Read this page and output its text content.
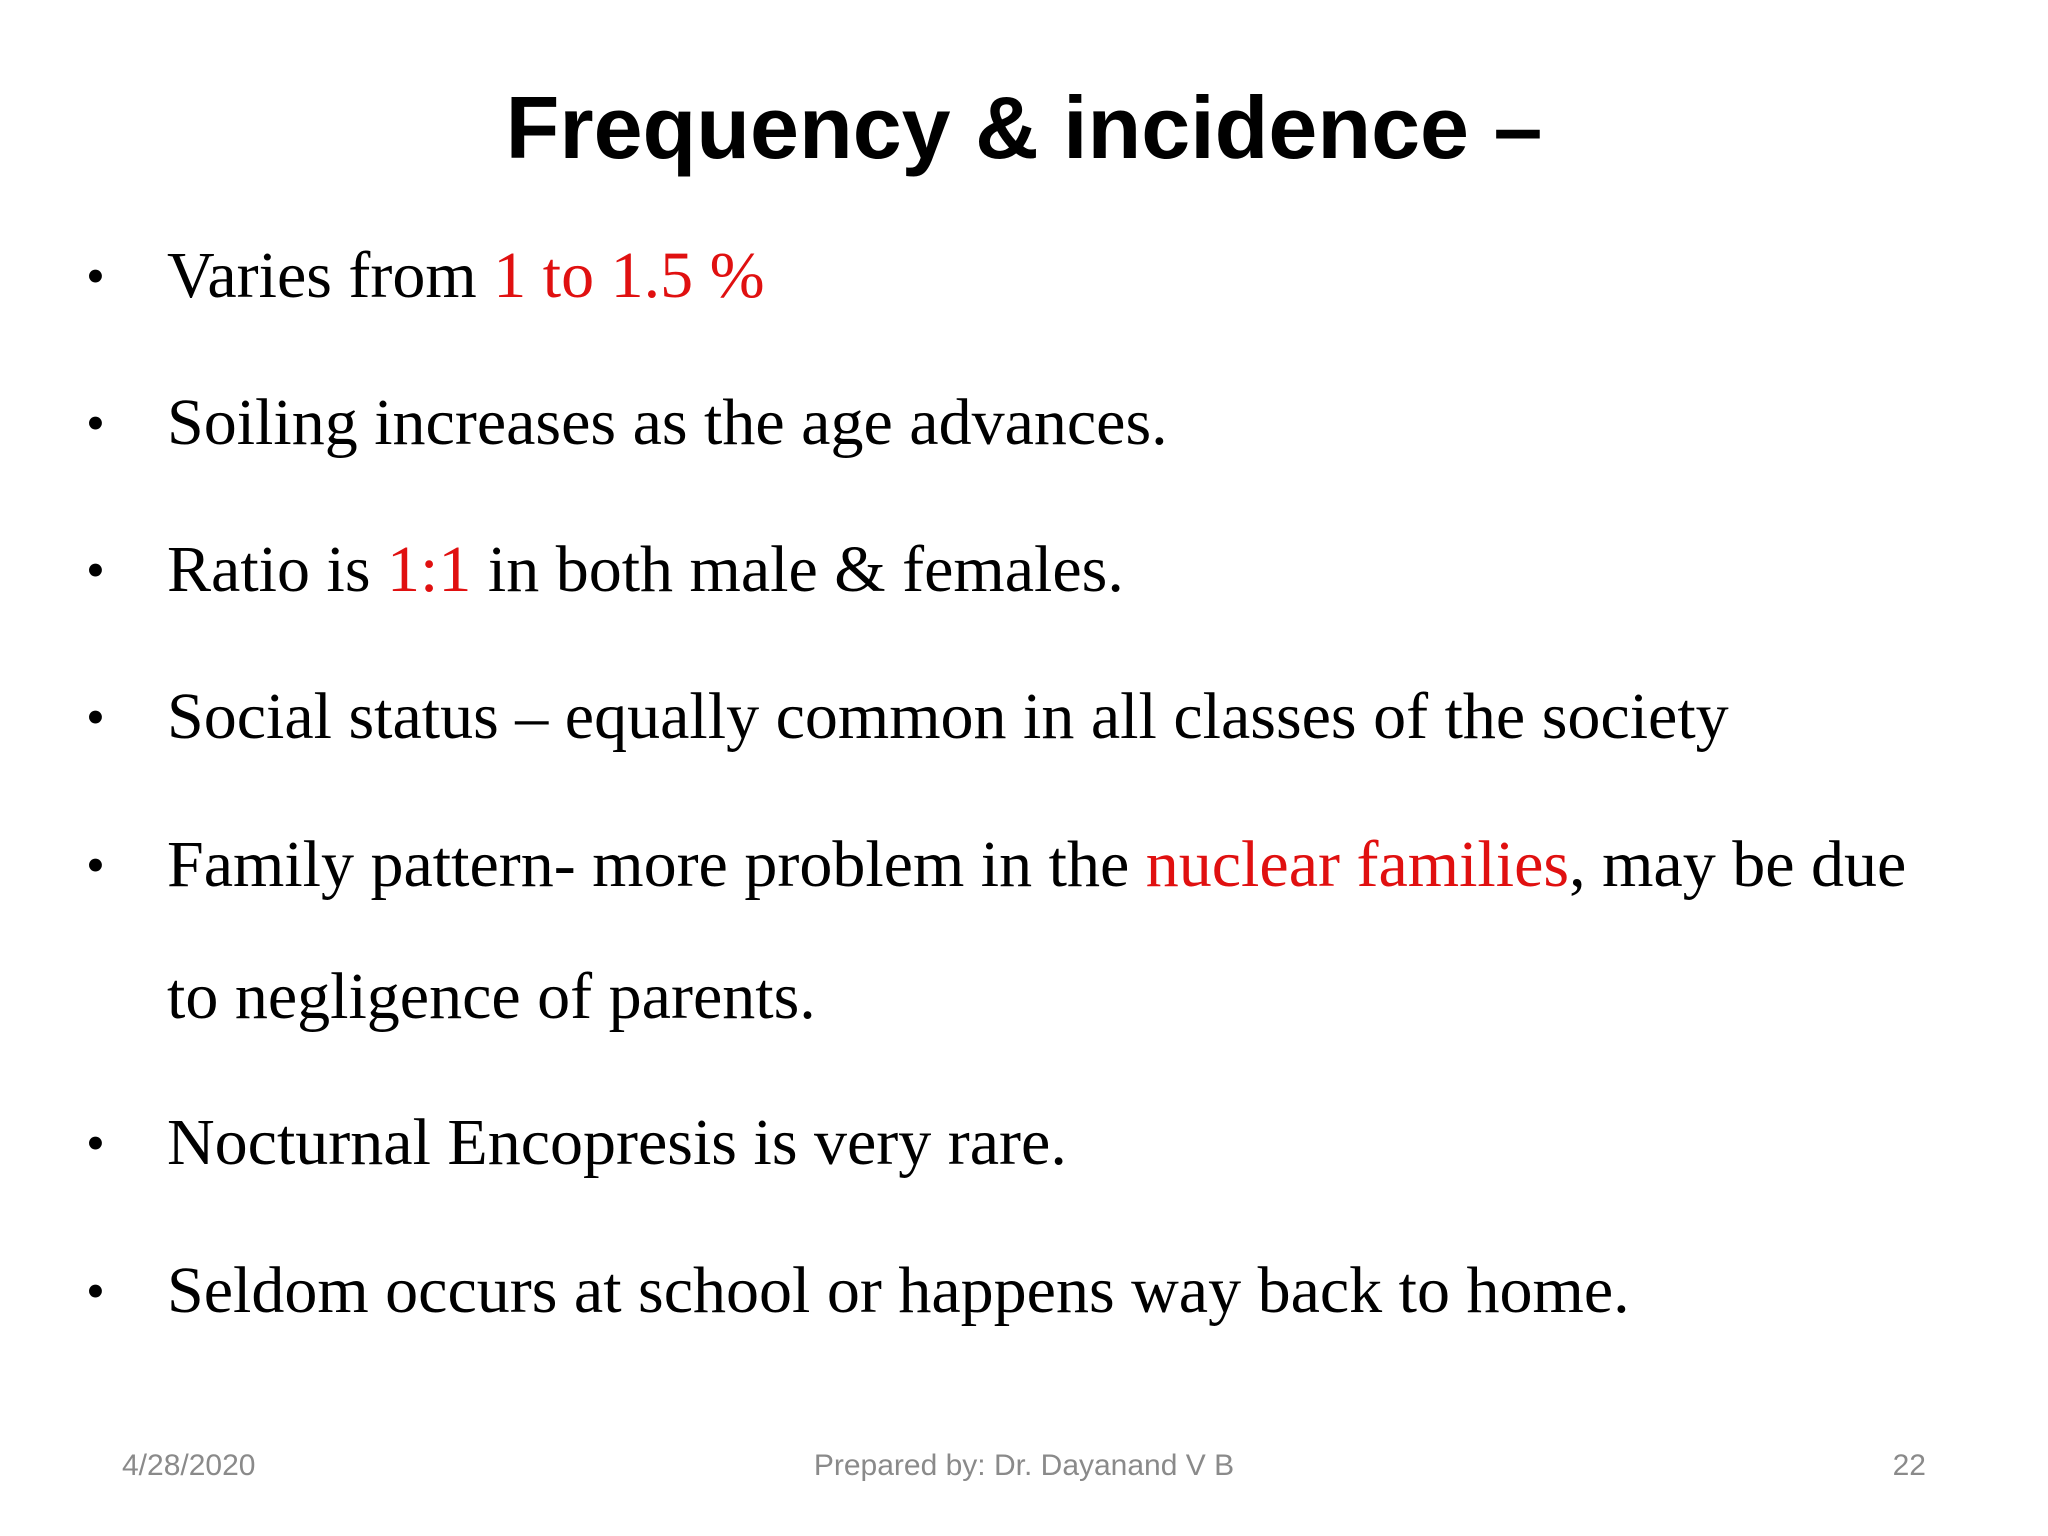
Frequency & incidence –
• Varies from 1 to 1.5 %
• Soiling increases as the age advances.
• Ratio is 1:1 in both male & females.
• Social status – equally common in all classes of the society
• Family pattern- more problem in the nuclear families, may be due to negligence of parents.
• Nocturnal Encopresis is very rare.
• Seldom occurs at school or happens way back to home.
4/28/2020	Prepared by: Dr. Dayanand V B	22
